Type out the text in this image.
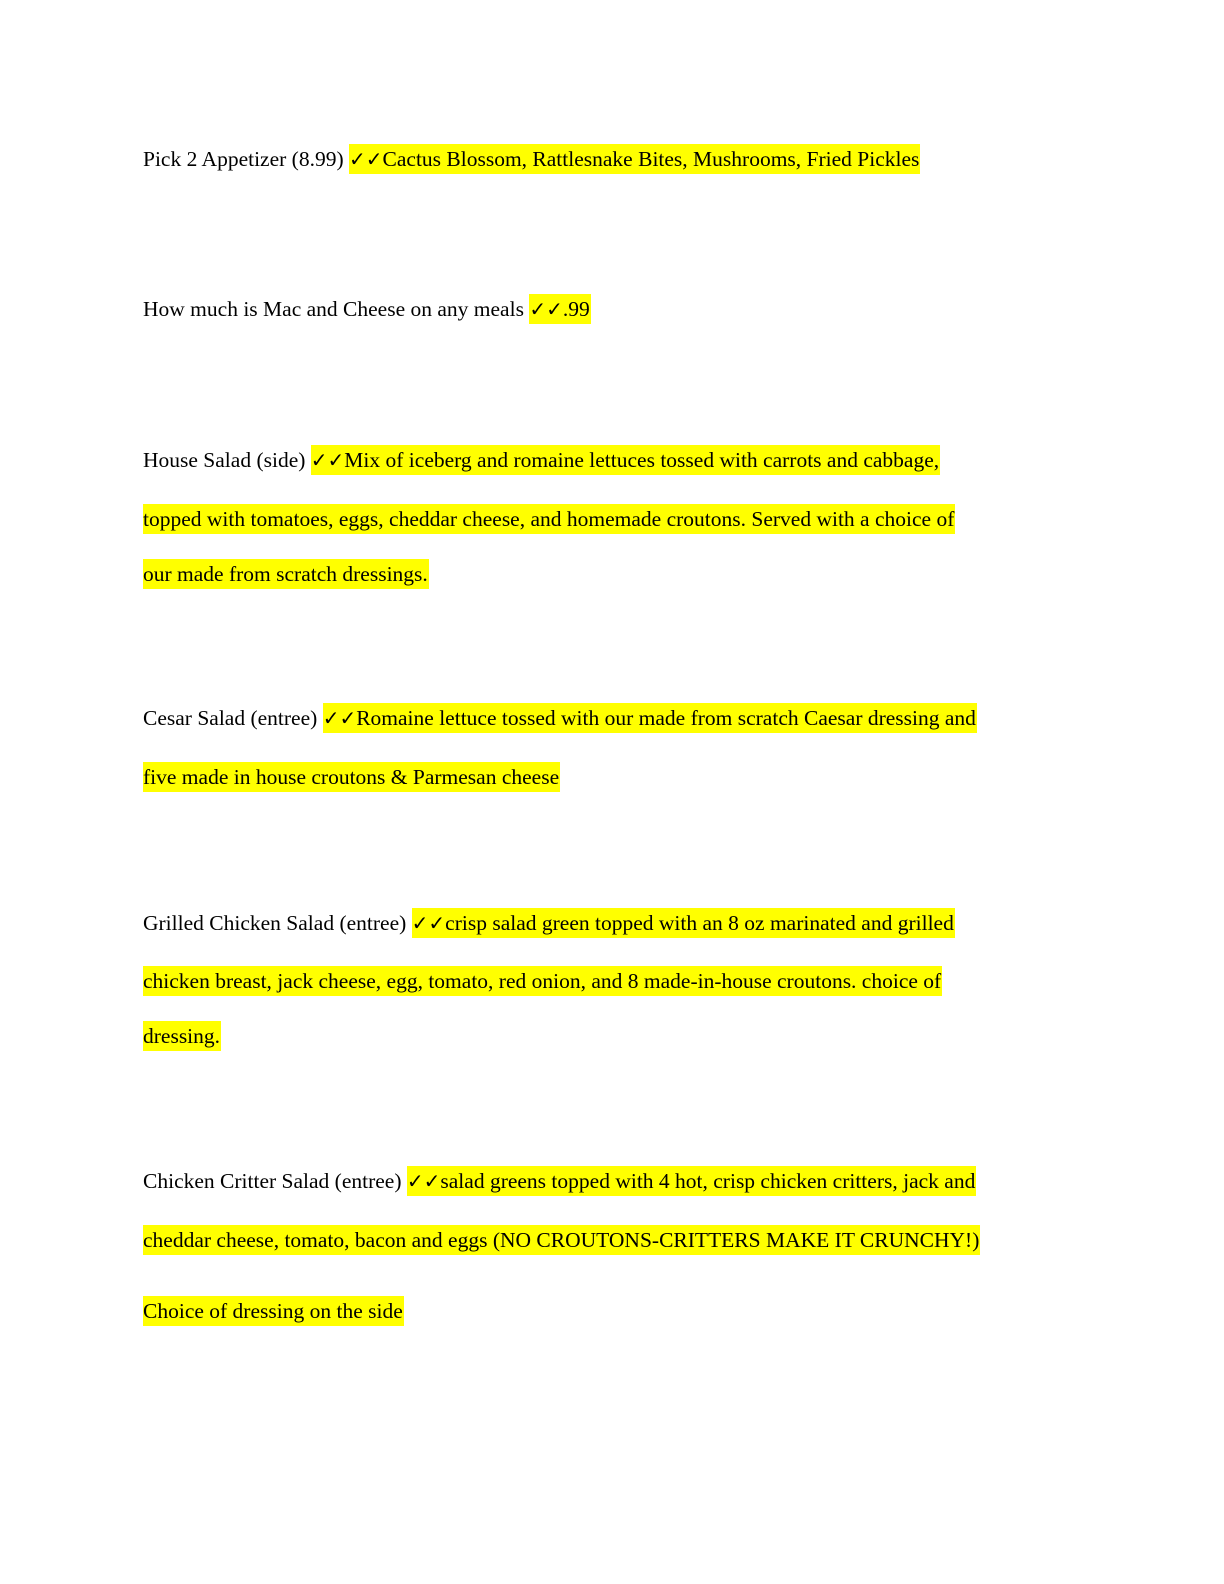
Pick 2 Appetizer (8.99) ✓✓Cactus Blossom, Rattlesnake Bites, Mushrooms, Fried Pickles
How much is Mac and Cheese on any meals ✓✓.99
House Salad (side) ✓✓Mix of iceberg and romaine lettuces tossed with carrots and cabbage,
topped with tomatoes, eggs, cheddar cheese, and homemade croutons. Served with a choice of
our made from scratch dressings.
Cesar Salad (entree) ✓✓Romaine lettuce tossed with our made from scratch Caesar dressing and
five made in house croutons & Parmesan cheese
Grilled Chicken Salad (entree) ✓✓crisp salad green topped with an 8 oz marinated and grilled
chicken breast, jack cheese, egg, tomato, red onion, and 8 made-in-house croutons. choice of
dressing.
Chicken Critter Salad (entree) ✓✓salad greens topped with 4 hot, crisp chicken critters, jack and
cheddar cheese, tomato, bacon and eggs (NO CROUTONS-CRITTERS MAKE IT CRUNCHY!)
Choice of dressing on the side
